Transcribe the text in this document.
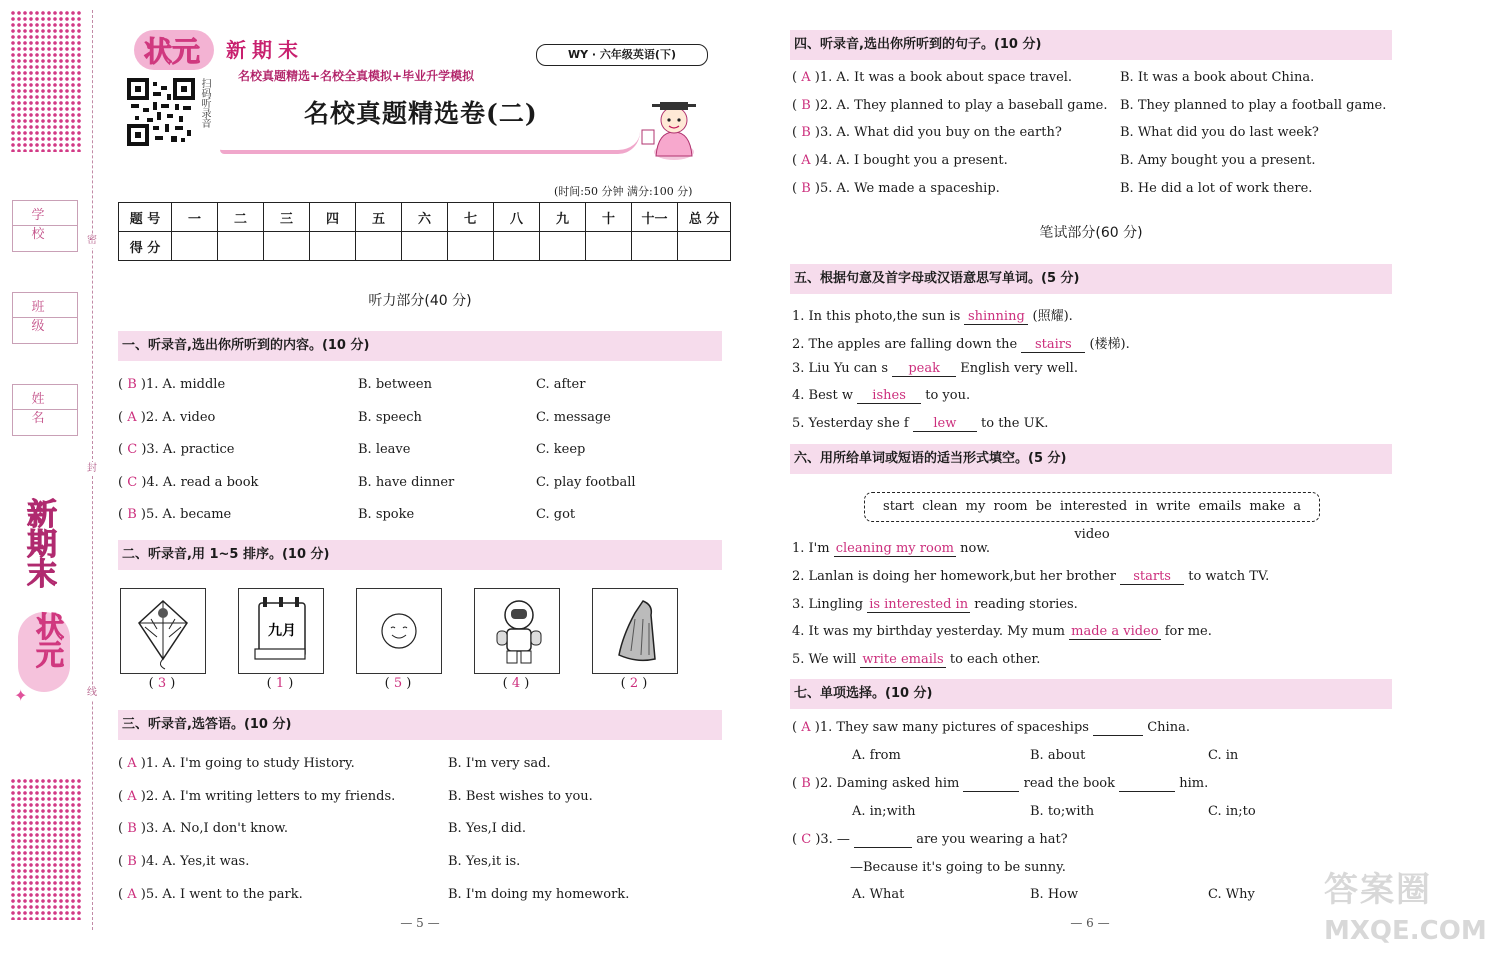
学 校
班 级
姓 名
新期末
状元
✦
密
封
线
状元 新期末
名校真题精选+名校全真模拟+毕业升学模拟
WY · 六年级英语(下)
扫码听录音	名校真题精选卷(二)
(时间:50 分钟 满分:100 分)
题 号	一	二	三	四	五	六	七	八	九	十	十一	总 分
得 分												
听力部分(40 分)
一、听录音,选出你所听到的内容。(10 分)
( B )1. A. middle	B. between	C. after
( A )2. A. video	B. speech	C. message
( C )3. A. practice	B. leave	C. keep
( C )4. A. read a book	B. have dinner	C. play football
( B )5. A. became	B. spoke	C. got
二、听录音,用 1~5 排序。(10 分)
九月
( 3 )	( 1 )	( 5 )	( 4 )	( 2 )
三、听录音,选答语。(10 分)
( A )1. A. I'm going to study History.	B. I'm very sad.
( A )2. A. I'm writing letters to my friends.	B. Best wishes to you.
( B )3. A. No,I don't know.	B. Yes,I did.
( B )4. A. Yes,it was.	B. Yes,it is.
( A )5. A. I went to the park.	B. I'm doing my homework.
— 5 —
四、听录音,选出你所听到的句子。(10 分)
( A )1. A. It was a book about space travel.	B. It was a book about China.
( B )2. A. They planned to play a baseball game. B. They planned to play a football game.
( B )3. A. What did you buy on the earth?	B. What did you do last week?
( A )4. A. I bought you a present.	B. Amy bought you a present.
( B )5. A. We made a spaceship.	B. He did a lot of work there.
笔试部分(60 分)
五、根据句意及首字母或汉语意思写单词。(5 分)
1. In this photo,the sun is shinning (照耀).
2. The apples are falling down the stairs (楼梯).
3. Liu Yu can s peak English very well.
4. Best w ishes to you.
5. Yesterday she f lew to the UK.
六、用所给单词或短语的适当形式填空。(5 分)
start clean my room be interested in write emails make a video
1. I'm cleaning my room now.
2. Lanlan is doing her homework,but her brother starts to watch TV.
3. Lingling is interested in reading stories.
4. It was my birthday yesterday. My mum made a video for me.
5. We will write emails to each other.
七、单项选择。(10 分)
( A )1. They saw many pictures of spaceships	China.
A. from	B. about	C. in
( B )2. Daming asked him	read the book	him.
A. in;with	B. to;with	C. in;to
( C )3. —	are you wearing a hat?
—Because it's going to be sunny.
A. What	B. How	C. Why
— 6 —
答案圈
MXQE.COM
